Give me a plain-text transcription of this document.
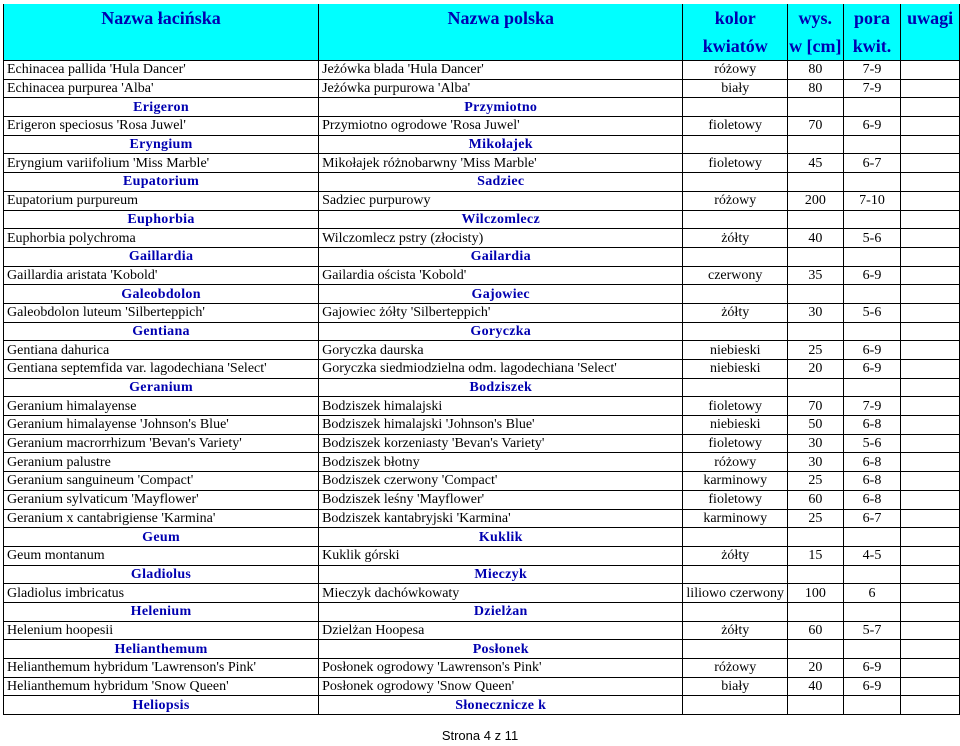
Nazwa łacińska	Nazwa polska	kolor	wys.	pora	uwagi
		kwiatów	w [cm]	kwit.	
Echinacea pallida 'Hula Dancer'	Jeżówka blada 'Hula Dancer'	różowy	80	7-9	
Echinacea purpurea 'Alba'	Jeżówka purpurowa 'Alba'	biały	80	7-9	
Erigeron	Przymiotno				
Erigeron speciosus 'Rosa Juwel'	Przymiotno ogrodowe 'Rosa Juwel'	fioletowy	70	6-9	
Eryngium	Mikołajek				
Eryngium variifolium 'Miss Marble'	Mikołajek różnobarwny 'Miss Marble'	fioletowy	45	6-7	
Eupatorium	Sadziec				
Eupatorium purpureum	Sadziec purpurowy	różowy	200	7-10	
Euphorbia	Wilczomlecz				
Euphorbia polychroma	Wilczomlecz pstry (złocisty)	żółty	40	5-6	
Gaillardia	Gailardia				
Gaillardia aristata 'Kobold'	Gailardia oścista 'Kobold'	czerwony	35	6-9	
Galeobdolon	Gajowiec				
Galeobdolon luteum 'Silberteppich'	Gajowiec żółty 'Silberteppich'	żółty	30	5-6	
Gentiana	Goryczka				
Gentiana dahurica	Goryczka daurska	niebieski	25	6-9	
Gentiana septemfida var. lagodechiana 'Select'	Goryczka siedmiodzielna odm. lagodechiana 'Select'	niebieski	20	6-9	
Geranium	Bodziszek				
Geranium himalayense	Bodziszek himalajski	fioletowy	70	7-9	
Geranium himalayense 'Johnson's Blue'	Bodziszek himalajski 'Johnson's Blue'	niebieski	50	6-8	
Geranium macrorrhizum 'Bevan's Variety'	Bodziszek korzeniasty 'Bevan's Variety'	fioletowy	30	5-6	
Geranium palustre	Bodziszek błotny	różowy	30	6-8	
Geranium sanguineum 'Compact'	Bodziszek czerwony 'Compact'	karminowy	25	6-8	
Geranium sylvaticum 'Mayflower'	Bodziszek leśny 'Mayflower'	fioletowy	60	6-8	
Geranium x cantabrigiense 'Karmina'	Bodziszek kantabryjski 'Karmina'	karminowy	25	6-7	
Geum	Kuklik				
Geum montanum	Kuklik górski	żółty	15	4-5	
Gladiolus	Mieczyk				
Gladiolus imbricatus	Mieczyk dachówkowaty	liliowo czerwony	100	6	
Helenium	Dzielżan				
Helenium hoopesii	Dzielżan Hoopesa	żółty	60	5-7	
Helianthemum	Posłonek				
Helianthemum hybridum 'Lawrenson's Pink'	Posłonek ogrodowy 'Lawrenson's Pink'	różowy	20	6-9	
Helianthemum hybridum 'Snow Queen'	Posłonek ogrodowy 'Snow Queen'	biały	40	6-9	
Heliopsis	Słonecznicze k				
Strona 4 z 11
